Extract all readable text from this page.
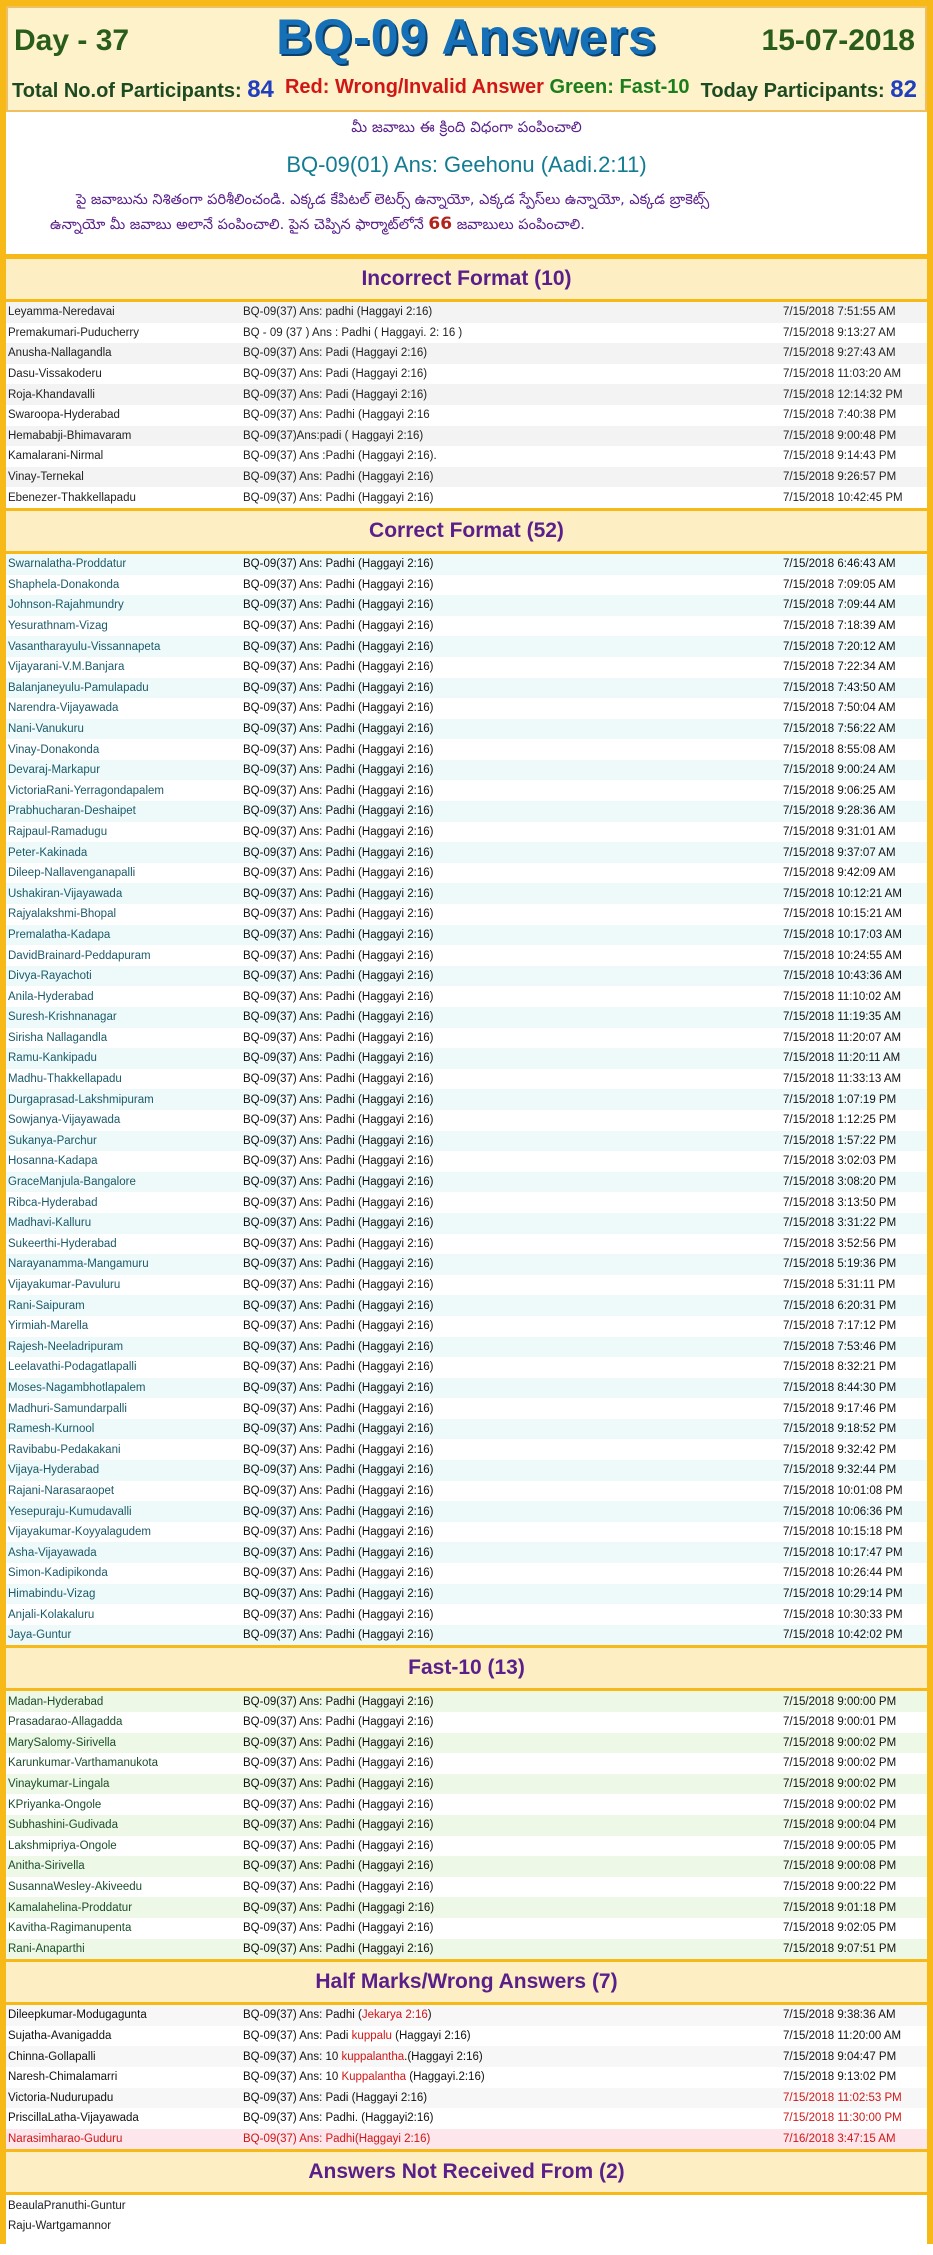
Day - 37	BQ-09 Answers	15-07-2018
Total No.of Participants: 84 Red: Wrong/Invalid Answer Green: Fast-10 Today Participants: 82
మీ జవాబు ఈ క్రింది విధంగా పంపించాలి
BQ-09(01) Ans: Geehonu (Aadi.2:11)
పై జవాబును నిశితంగా పరిశీలించండి. ఎక్కడ కేపిటల్ లెటర్స్ ఉన్నాయో, ఎక్కడ స్పేస్‌లు ఉన్నాయో, ఎక్కడ బ్రాకెట్స్
ఉన్నాయో మీ జవాబు అలానే పంపించాలి. పైన చెప్పిన ఫార్మాట్‌లోనే 66 జవాబులు పంపించాలి.
Incorrect Format (10)
Leyamma-Neredavai	BQ-09(37) Ans: padhi (Haggayi 2:16)	7/15/2018 7:51:55 AM
Premakumari-Puducherry	BQ - 09 (37 ) Ans : Padhi ( Haggayi. 2: 16 )	7/15/2018 9:13:27 AM
Anusha-Nallagandla	BQ-09(37) Ans: Padi (Haggayi 2:16)	7/15/2018 9:27:43 AM
Dasu-Vissakoderu	BQ-09(37) Ans: Padi (Haggayi 2:16)	7/15/2018 11:03:20 AM
Roja-Khandavalli	BQ-09(37) Ans: Padi (Haggayi 2:16)	7/15/2018 12:14:32 PM
Swaroopa-Hyderabad	BQ-09(37) Ans: Padhi (Haggayi 2:16	7/15/2018 7:40:38 PM
Hemababji-Bhimavaram	BQ-09(37)Ans:padi ( Haggayi 2:16)	7/15/2018 9:00:48 PM
Kamalarani-Nirmal	BQ-09(37) Ans :Padhi (Haggayi 2:16).	7/15/2018 9:14:43 PM
Vinay-Ternekal	BQ-09(37) Ans: Padhi (Haggayi 2:16)	7/15/2018 9:26:57 PM
Ebenezer-Thakkellapadu	BQ-09(37) Ans: Padhi (Haggayi 2:16)	7/15/2018 10:42:45 PM
Correct Format (52)
Swarnalatha-Proddatur	BQ-09(37) Ans: Padhi (Haggayi 2:16)	7/15/2018 6:46:43 AM
Shaphela-Donakonda	BQ-09(37) Ans: Padhi (Haggayi 2:16)	7/15/2018 7:09:05 AM
Johnson-Rajahmundry	BQ-09(37) Ans: Padhi (Haggayi 2:16)	7/15/2018 7:09:44 AM
Yesurathnam-Vizag	BQ-09(37) Ans: Padhi (Haggayi 2:16)	7/15/2018 7:18:39 AM
Vasantharayulu-Vissannapeta	BQ-09(37) Ans: Padhi (Haggayi 2:16)	7/15/2018 7:20:12 AM
Vijayarani-V.M.Banjara	BQ-09(37) Ans: Padhi (Haggayi 2:16)	7/15/2018 7:22:34 AM
Balanjaneyulu-Pamulapadu	BQ-09(37) Ans: Padhi (Haggayi 2:16)	7/15/2018 7:43:50 AM
Narendra-Vijayawada	BQ-09(37) Ans: Padhi (Haggayi 2:16)	7/15/2018 7:50:04 AM
Nani-Vanukuru	BQ-09(37) Ans: Padhi (Haggayi 2:16)	7/15/2018 7:56:22 AM
Vinay-Donakonda	BQ-09(37) Ans: Padhi (Haggayi 2:16)	7/15/2018 8:55:08 AM
Devaraj-Markapur	BQ-09(37) Ans: Padhi (Haggayi 2:16)	7/15/2018 9:00:24 AM
VictoriaRani-Yerragondapalem	BQ-09(37) Ans: Padhi (Haggayi 2:16)	7/15/2018 9:06:25 AM
Prabhucharan-Deshaipet	BQ-09(37) Ans: Padhi (Haggayi 2:16)	7/15/2018 9:28:36 AM
Rajpaul-Ramadugu	BQ-09(37) Ans: Padhi (Haggayi 2:16)	7/15/2018 9:31:01 AM
Peter-Kakinada	BQ-09(37) Ans: Padhi (Haggayi 2:16)	7/15/2018 9:37:07 AM
Dileep-Nallavenganapalli	BQ-09(37) Ans: Padhi (Haggayi 2:16)	7/15/2018 9:42:09 AM
Ushakiran-Vijayawada	BQ-09(37) Ans: Padhi (Haggayi 2:16)	7/15/2018 10:12:21 AM
Rajyalakshmi-Bhopal	BQ-09(37) Ans: Padhi (Haggayi 2:16)	7/15/2018 10:15:21 AM
Premalatha-Kadapa	BQ-09(37) Ans: Padhi (Haggayi 2:16)	7/15/2018 10:17:03 AM
DavidBrainard-Peddapuram	BQ-09(37) Ans: Padhi (Haggayi 2:16)	7/15/2018 10:24:55 AM
Divya-Rayachoti	BQ-09(37) Ans: Padhi (Haggayi 2:16)	7/15/2018 10:43:36 AM
Anila-Hyderabad	BQ-09(37) Ans: Padhi (Haggayi 2:16)	7/15/2018 11:10:02 AM
Suresh-Krishnanagar	BQ-09(37) Ans: Padhi (Haggayi 2:16)	7/15/2018 11:19:35 AM
Sirisha Nallagandla	BQ-09(37) Ans: Padhi (Haggayi 2:16)	7/15/2018 11:20:07 AM
Ramu-Kankipadu	BQ-09(37) Ans: Padhi (Haggayi 2:16)	7/15/2018 11:20:11 AM
Madhu-Thakkellapadu	BQ-09(37) Ans: Padhi (Haggayi 2:16)	7/15/2018 11:33:13 AM
Durgaprasad-Lakshmipuram	BQ-09(37) Ans: Padhi (Haggayi 2:16)	7/15/2018 1:07:19 PM
Sowjanya-Vijayawada	BQ-09(37) Ans: Padhi (Haggayi 2:16)	7/15/2018 1:12:25 PM
Sukanya-Parchur	BQ-09(37) Ans: Padhi (Haggayi 2:16)	7/15/2018 1:57:22 PM
Hosanna-Kadapa	BQ-09(37) Ans: Padhi (Haggayi 2:16)	7/15/2018 3:02:03 PM
GraceManjula-Bangalore	BQ-09(37) Ans: Padhi (Haggayi 2:16)	7/15/2018 3:08:20 PM
Ribca-Hyderabad	BQ-09(37) Ans: Padhi (Haggayi 2:16)	7/15/2018 3:13:50 PM
Madhavi-Kalluru	BQ-09(37) Ans: Padhi (Haggayi 2:16)	7/15/2018 3:31:22 PM
Sukeerthi-Hyderabad	BQ-09(37) Ans: Padhi (Haggayi 2:16)	7/15/2018 3:52:56 PM
Narayanamma-Mangamuru	BQ-09(37) Ans: Padhi (Haggayi 2:16)	7/15/2018 5:19:36 PM
Vijayakumar-Pavuluru	BQ-09(37) Ans: Padhi (Haggayi 2:16)	7/15/2018 5:31:11 PM
Rani-Saipuram	BQ-09(37) Ans: Padhi (Haggayi 2:16)	7/15/2018 6:20:31 PM
Yirmiah-Marella	BQ-09(37) Ans: Padhi (Haggayi 2:16)	7/15/2018 7:17:12 PM
Rajesh-Neeladripuram	BQ-09(37) Ans: Padhi (Haggayi 2:16)	7/15/2018 7:53:46 PM
Leelavathi-Podagatlapalli	BQ-09(37) Ans: Padhi (Haggayi 2:16)	7/15/2018 8:32:21 PM
Moses-Nagambhotlapalem	BQ-09(37) Ans: Padhi (Haggayi 2:16)	7/15/2018 8:44:30 PM
Madhuri-Samundarpalli	BQ-09(37) Ans: Padhi (Haggayi 2:16)	7/15/2018 9:17:46 PM
Ramesh-Kurnool	BQ-09(37) Ans: Padhi (Haggayi 2:16)	7/15/2018 9:18:52 PM
Ravibabu-Pedakakani	BQ-09(37) Ans: Padhi (Haggayi 2:16)	7/15/2018 9:32:42 PM
Vijaya-Hyderabad	BQ-09(37) Ans: Padhi (Haggayi 2:16)	7/15/2018 9:32:44 PM
Rajani-Narasaraopet	BQ-09(37) Ans: Padhi (Haggayi 2:16)	7/15/2018 10:01:08 PM
Yesepuraju-Kumudavalli	BQ-09(37) Ans: Padhi (Haggayi 2:16)	7/15/2018 10:06:36 PM
Vijayakumar-Koyyalagudem	BQ-09(37) Ans: Padhi (Haggayi 2:16)	7/15/2018 10:15:18 PM
Asha-Vijayawada	BQ-09(37) Ans: Padhi (Haggayi 2:16)	7/15/2018 10:17:47 PM
Simon-Kadipikonda	BQ-09(37) Ans: Padhi (Haggayi 2:16)	7/15/2018 10:26:44 PM
Himabindu-Vizag	BQ-09(37) Ans: Padhi (Haggayi 2:16)	7/15/2018 10:29:14 PM
Anjali-Kolakaluru	BQ-09(37) Ans: Padhi (Haggayi 2:16)	7/15/2018 10:30:33 PM
Jaya-Guntur	BQ-09(37) Ans: Padhi (Haggayi 2:16)	7/15/2018 10:42:02 PM
Fast-10 (13)
Madan-Hyderabad	BQ-09(37) Ans: Padhi (Haggayi 2:16)	7/15/2018 9:00:00 PM
Prasadarao-Allagadda	BQ-09(37) Ans: Padhi (Haggayi 2:16)	7/15/2018 9:00:01 PM
MarySalomy-Sirivella	BQ-09(37) Ans: Padhi (Haggayi 2:16)	7/15/2018 9:00:02 PM
Karunkumar-Varthamanukota	BQ-09(37) Ans: Padhi (Haggayi 2:16)	7/15/2018 9:00:02 PM
Vinaykumar-Lingala	BQ-09(37) Ans: Padhi (Haggayi 2:16)	7/15/2018 9:00:02 PM
KPriyanka-Ongole	BQ-09(37) Ans: Padhi (Haggayi 2:16)	7/15/2018 9:00:02 PM
Subhashini-Gudivada	BQ-09(37) Ans: Padhi (Haggayi 2:16)	7/15/2018 9:00:04 PM
Lakshmipriya-Ongole	BQ-09(37) Ans: Padhi (Haggayi 2:16)	7/15/2018 9:00:05 PM
Anitha-Sirivella	BQ-09(37) Ans: Padhi (Haggayi 2:16)	7/15/2018 9:00:08 PM
SusannaWesley-Akiveedu	BQ-09(37) Ans: Padhi (Haggayi 2:16)	7/15/2018 9:00:22 PM
Kamalahelina-Proddatur	BQ-09(37) Ans: Padhi (Haggagi 2:16)	7/15/2018 9:01:18 PM
Kavitha-Ragimanupenta	BQ-09(37) Ans: Padhi (Haggayi 2:16)	7/15/2018 9:02:05 PM
Rani-Anaparthi	BQ-09(37) Ans: Padhi (Haggayi 2:16)	7/15/2018 9:07:51 PM
Half Marks/Wrong Answers (7)
Dileepkumar-Modugagunta	BQ-09(37) Ans: Padhi (Jekarya 2:16)	7/15/2018 9:38:36 AM
Sujatha-Avanigadda	BQ-09(37) Ans: Padi kuppalu (Haggayi 2:16)	7/15/2018 11:20:00 AM
Chinna-Gollapalli	BQ-09(37) Ans: 10 kuppalantha.(Haggayi 2:16)	7/15/2018 9:04:47 PM
Naresh-Chimalamarri	BQ-09(37) Ans: 10 Kuppalantha (Haggayi.2:16)	7/15/2018 9:13:02 PM
Victoria-Nudurupadu	BQ-09(37) Ans: Padi (Haggayi 2:16)	7/15/2018 11:02:53 PM
PriscillaLatha-Vijayawada	BQ-09(37) Ans: Padhi. (Haggayi2:16)	7/15/2018 11:30:00 PM
Narasimharao-Guduru	BQ-09(37) Ans: Padhi(Haggayi 2:16)	7/16/2018 3:47:15 AM
Answers Not Received From (2)
BeaulaPranuthi-Guntur		
Raju-Wartgamannor		
